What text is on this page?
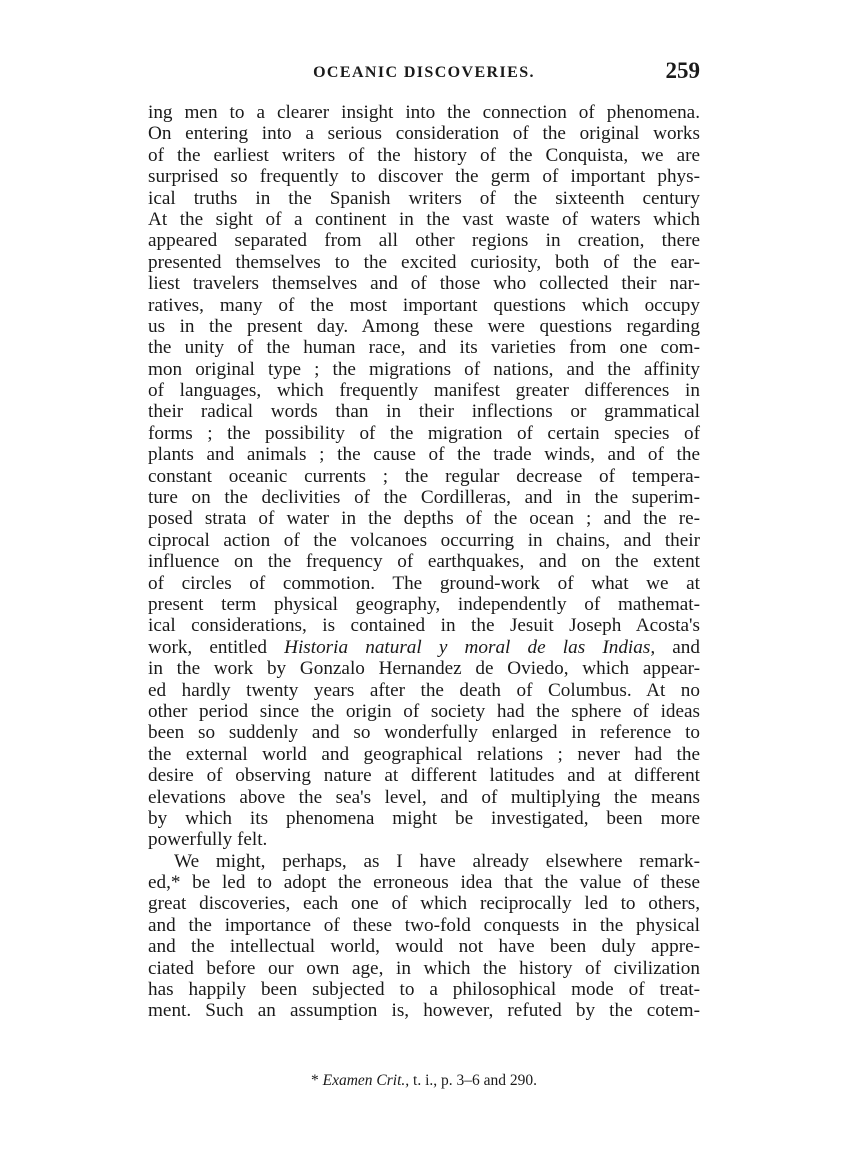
OCEANIC DISCOVERIES.	259
ing men to a clearer insight into the connection of phenomena.
On entering into a serious consideration of the original works
of the earliest writers of the history of the Conquista, we are
surprised so frequently to discover the germ of important phys-
ical truths in the Spanish writers of the sixteenth century
At the sight of a continent in the vast waste of waters which
appeared separated from all other regions in creation, there
presented themselves to the excited curiosity, both of the ear-
liest travelers themselves and of those who collected their nar-
ratives, many of the most important questions which occupy
us in the present day. Among these were questions regarding
the unity of the human race, and its varieties from one com-
mon original type ; the migrations of nations, and the affinity
of languages, which frequently manifest greater differences in
their radical words than in their inflections or grammatical
forms ; the possibility of the migration of certain species of
plants and animals ; the cause of the trade winds, and of the
constant oceanic currents ; the regular decrease of tempera-
ture on the declivities of the Cordilleras, and in the superim-
posed strata of water in the depths of the ocean ; and the re-
ciprocal action of the volcanoes occurring in chains, and their
influence on the frequency of earthquakes, and on the extent
of circles of commotion. The ground-work of what we at
present term physical geography, independently of mathemat-
ical considerations, is contained in the Jesuit Joseph Acosta's
work, entitled Historia natural y moral de las Indias, and
in the work by Gonzalo Hernandez de Oviedo, which appear-
ed hardly twenty years after the death of Columbus. At no
other period since the origin of society had the sphere of ideas
been so suddenly and so wonderfully enlarged in reference to
the external world and geographical relations ; never had the
desire of observing nature at different latitudes and at different
elevations above the sea's level, and of multiplying the means
by which its phenomena might be investigated, been more
powerfully felt.
We might, perhaps, as I have already elsewhere remark-
ed,* be led to adopt the erroneous idea that the value of these
great discoveries, each one of which reciprocally led to others,
and the importance of these two-fold conquests in the physical
and the intellectual world, would not have been duly appre-
ciated before our own age, in which the history of civilization
has happily been subjected to a philosophical mode of treat-
ment. Such an assumption is, however, refuted by the cotem-
* Examen Crit., t. i., p. 3–6 and 290.
